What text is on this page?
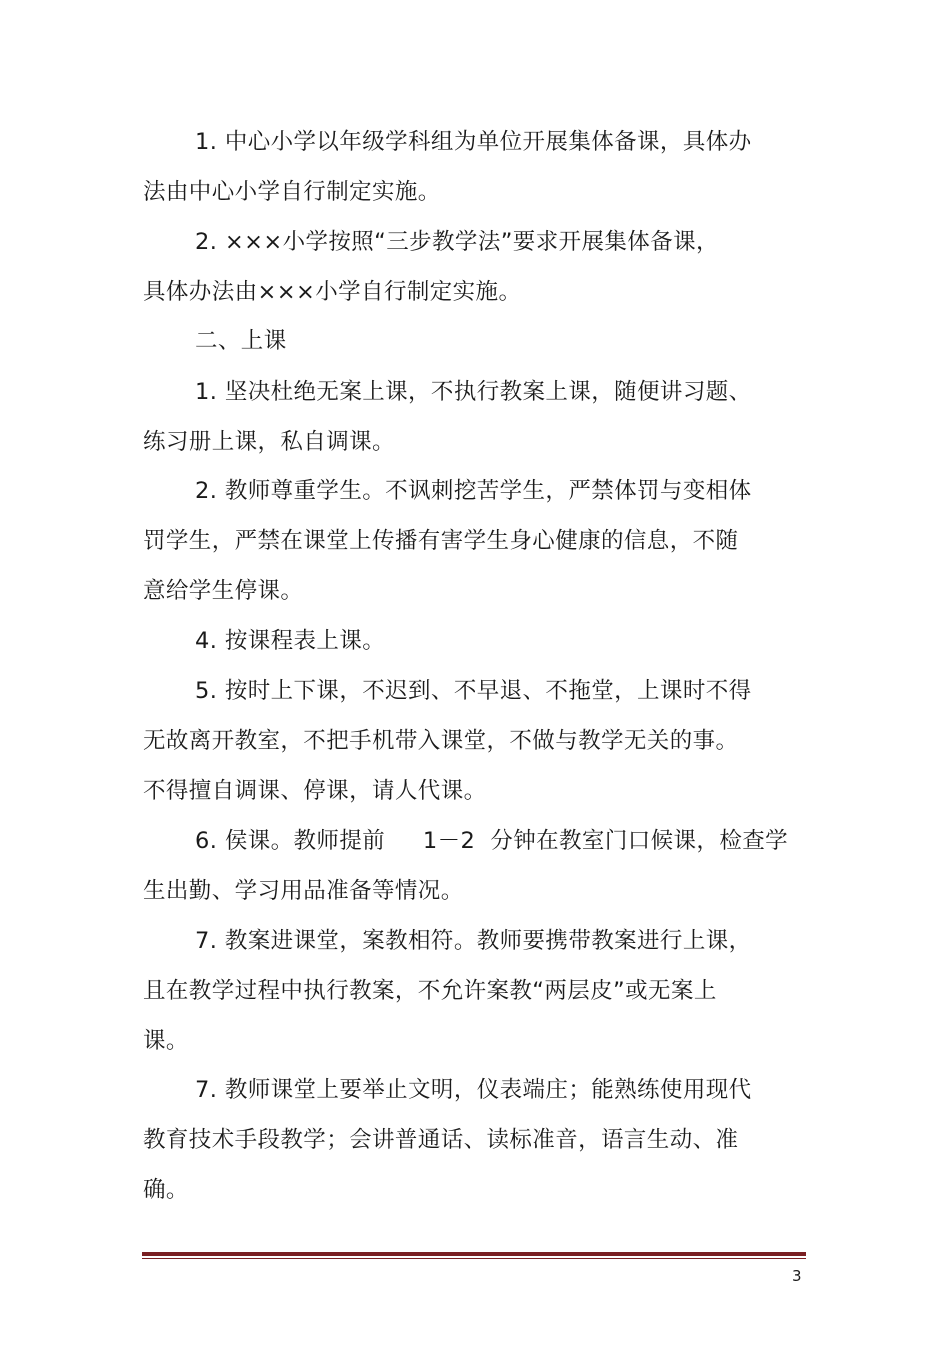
1. 中心小学以年级学科组为单位开展集体备课，具体办
法由中心小学自行制定实施。
2. ×××小学按照“三步教学法”要求开展集体备课，
具体办法由×××小学自行制定实施。
二、上课
1. 坚决杜绝无案上课，不执行教案上课，随便讲习题、
练习册上课，私自调课。
2. 教师尊重学生。不讽刺挖苦学生，严禁体罚与变相体
罚学生，严禁在课堂上传播有害学生身心健康的信息，不随
意给学生停课。
4. 按课程表上课。
5. 按时上下课，不迟到、不早退、不拖堂，上课时不得
无故离开教室，不把手机带入课堂，不做与教学无关的事。
不得擅自调课、停课，请人代课。
6. 侯课。教师提前     1－2  分钟在教室门口候课，检查学
生出勤、学习用品准备等情况。
7. 教案进课堂，案教相符。教师要携带教案进行上课，
且在教学过程中执行教案，不允许案教“两层皮”或无案上
课。
7. 教师课堂上要举止文明，仪表端庄；能熟练使用现代
教育技术手段教学；会讲普通话、读标准音，语言生动、准
确。
3
